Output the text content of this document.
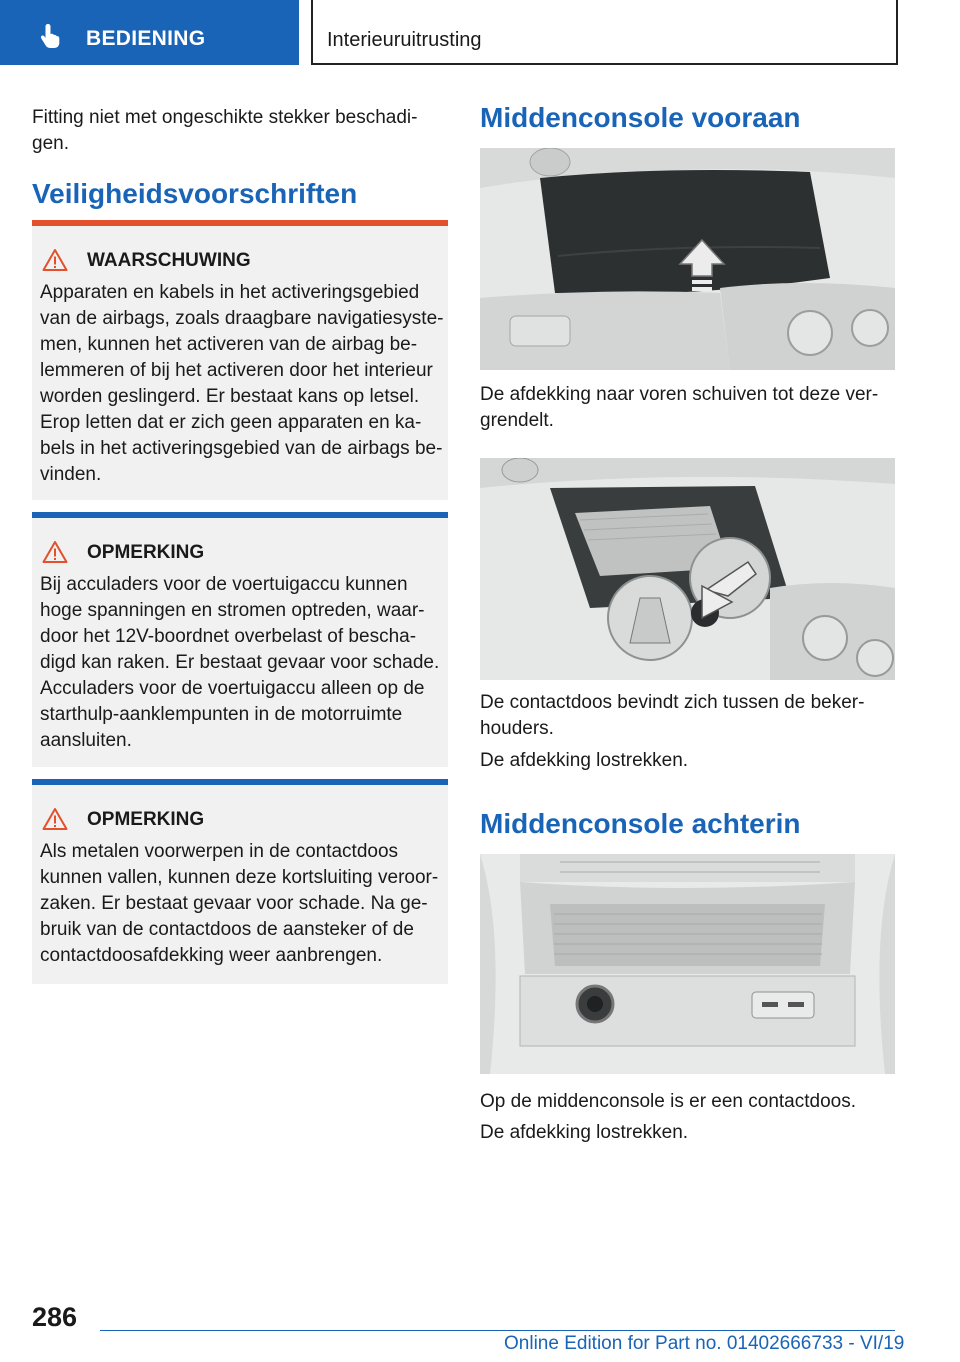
BEDIENING	Interieuruitrusting
Fitting niet met ongeschikte stekker beschadi-gen.
Veiligheidsvoorschriften
WAARSCHUWING
Apparaten en kabels in het activeringsgebied van de airbags, zoals draagbare navigatiesyste-men, kunnen het activeren van de airbag be-lemmeren of bij het activeren door het interieur worden geslingerd. Er bestaat kans op letsel. Erop letten dat er zich geen apparaten en ka-bels in het activeringsgebied van de airbags be-vinden.
OPMERKING
Bij acculaders voor de voertuigaccu kunnen hoge spanningen en stromen optreden, waar-door het 12V-boordnet overbelast of bescha-digd kan raken. Er bestaat gevaar voor schade. Acculaders voor de voertuigaccu alleen op de starthulp-aanklempunten in de motorruimte aansluiten.
OPMERKING
Als metalen voorwerpen in de contactdoos kunnen vallen, kunnen deze kortsluiting veroor-zaken. Er bestaat gevaar voor schade. Na ge-bruik van de contactdoos de aansteker of de contactdoosafdekking weer aanbrengen.
Middenconsole vooraan
De afdekking naar voren schuiven tot deze ver-grendelt.
De contactdoos bevindt zich tussen de beker-houders.
De afdekking lostrekken.
Middenconsole achterin
Op de middenconsole is er een contactdoos.
De afdekking lostrekken.
286
Online Edition for Part no. 01402666733 - VI/19
